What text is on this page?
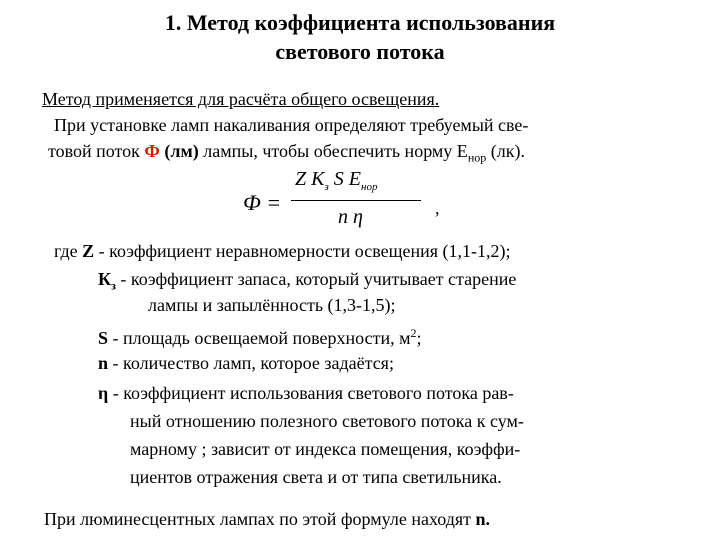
1. Метод коэффициента использования
светового потока
Метод применяется для расчёта общего освещения.
При установке ламп накаливания определяют требуемый све-
товой поток Ф (лм) лампы, чтобы обеспечить норму $Е_{нор}$ (лк).
Ф =
Z $K_з$ S $E_{нор}$
n η	,
где Z - коэффициент неравномерности освещения (1,1-1,2);
$К_з$ - коэффициент запаса, который учитывает старение
лампы и запылённость (1,3-1,5);
S - площадь освещаемой поверхности, $м^2$;
n - количество ламп, которое задаётся;
η - коэффициент использования светового потока рав-
ный отношению полезного светового потока к сум-
марному ; зависит от индекса помещения, коэффи-
циентов отражения света и от типа светильника.
При люминесцентных лампах по этой формуле находят n.
